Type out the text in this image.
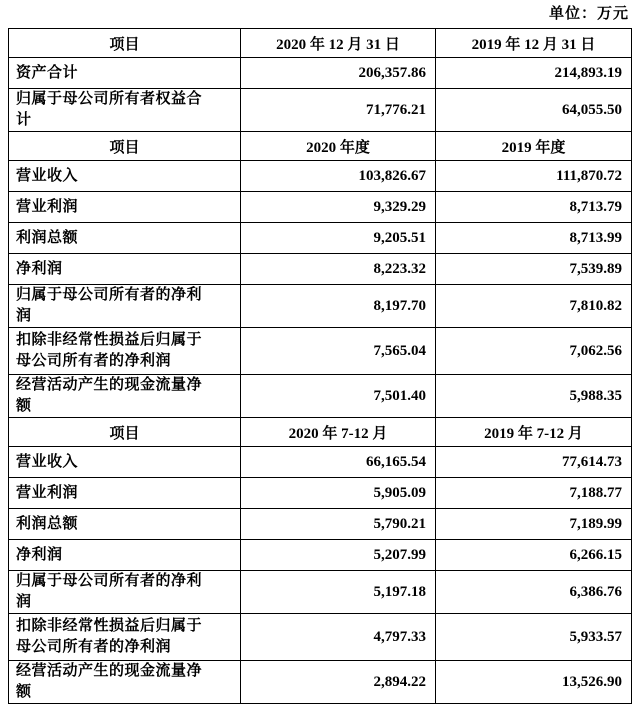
单位：万元
项目	2020 年 12 月 31 日	2019 年 12 月 31 日
资产合计	206,357.86	214,893.19
归属于母公司所有者权益合计	71,776.21	64,055.50
项目	2020 年度	2019 年度
营业收入	103,826.67	111,870.72
营业利润	9,329.29	8,713.79
利润总额	9,205.51	8,713.99
净利润	8,223.32	7,539.89
归属于母公司所有者的净利润	8,197.70	7,810.82
扣除非经常性损益后归属于母公司所有者的净利润	7,565.04	7,062.56
经营活动产生的现金流量净额	7,501.40	5,988.35
项目	2020 年 7-12 月	2019 年 7-12 月
营业收入	66,165.54	77,614.73
营业利润	5,905.09	7,188.77
利润总额	5,790.21	7,189.99
净利润	5,207.99	6,266.15
归属于母公司所有者的净利润	5,197.18	6,386.76
扣除非经常性损益后归属于母公司所有者的净利润	4,797.33	5,933.57
经营活动产生的现金流量净额	2,894.22	13,526.90
